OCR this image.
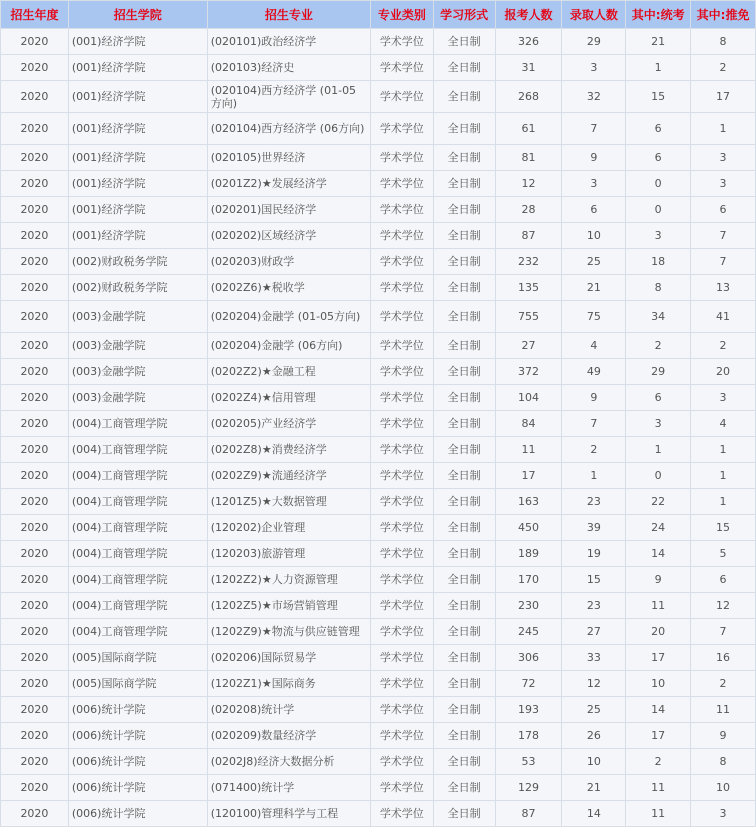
招生年度	招生学院	招生专业	专业类别	学习形式	报考人数	录取人数	其中:统考	其中:推免
2020	(001)经济学院	(020101)政治经济学	学术学位	全日制	326	29	21	8
2020	(001)经济学院	(020103)经济史	学术学位	全日制	31	3	1	2
2020	(001)经济学院	(020104)西方经济学 (01-05方向)	学术学位	全日制	268	32	15	17
2020	(001)经济学院	(020104)西方经济学 (06方向)	学术学位	全日制	61	7	6	1
2020	(001)经济学院	(020105)世界经济	学术学位	全日制	81	9	6	3
2020	(001)经济学院	(0201Z2)★发展经济学	学术学位	全日制	12	3	0	3
2020	(001)经济学院	(020201)国民经济学	学术学位	全日制	28	6	0	6
2020	(001)经济学院	(020202)区域经济学	学术学位	全日制	87	10	3	7
2020	(002)财政税务学院	(020203)财政学	学术学位	全日制	232	25	18	7
2020	(002)财政税务学院	(0202Z6)★税收学	学术学位	全日制	135	21	8	13
2020	(003)金融学院	(020204)金融学 (01-05方向)	学术学位	全日制	755	75	34	41
2020	(003)金融学院	(020204)金融学 (06方向)	学术学位	全日制	27	4	2	2
2020	(003)金融学院	(0202Z2)★金融工程	学术学位	全日制	372	49	29	20
2020	(003)金融学院	(0202Z4)★信用管理	学术学位	全日制	104	9	6	3
2020	(004)工商管理学院	(020205)产业经济学	学术学位	全日制	84	7	3	4
2020	(004)工商管理学院	(0202Z8)★消费经济学	学术学位	全日制	11	2	1	1
2020	(004)工商管理学院	(0202Z9)★流通经济学	学术学位	全日制	17	1	0	1
2020	(004)工商管理学院	(1201Z5)★大数据管理	学术学位	全日制	163	23	22	1
2020	(004)工商管理学院	(120202)企业管理	学术学位	全日制	450	39	24	15
2020	(004)工商管理学院	(120203)旅游管理	学术学位	全日制	189	19	14	5
2020	(004)工商管理学院	(1202Z2)★人力资源管理	学术学位	全日制	170	15	9	6
2020	(004)工商管理学院	(1202Z5)★市场营销管理	学术学位	全日制	230	23	11	12
2020	(004)工商管理学院	(1202Z9)★物流与供应链管理	学术学位	全日制	245	27	20	7
2020	(005)国际商学院	(020206)国际贸易学	学术学位	全日制	306	33	17	16
2020	(005)国际商学院	(1202Z1)★国际商务	学术学位	全日制	72	12	10	2
2020	(006)统计学院	(020208)统计学	学术学位	全日制	193	25	14	11
2020	(006)统计学院	(020209)数量经济学	学术学位	全日制	178	26	17	9
2020	(006)统计学院	(0202J8)经济大数据分析	学术学位	全日制	53	10	2	8
2020	(006)统计学院	(071400)统计学	学术学位	全日制	129	21	11	10
2020	(006)统计学院	(120100)管理科学与工程	学术学位	全日制	87	14	11	3
